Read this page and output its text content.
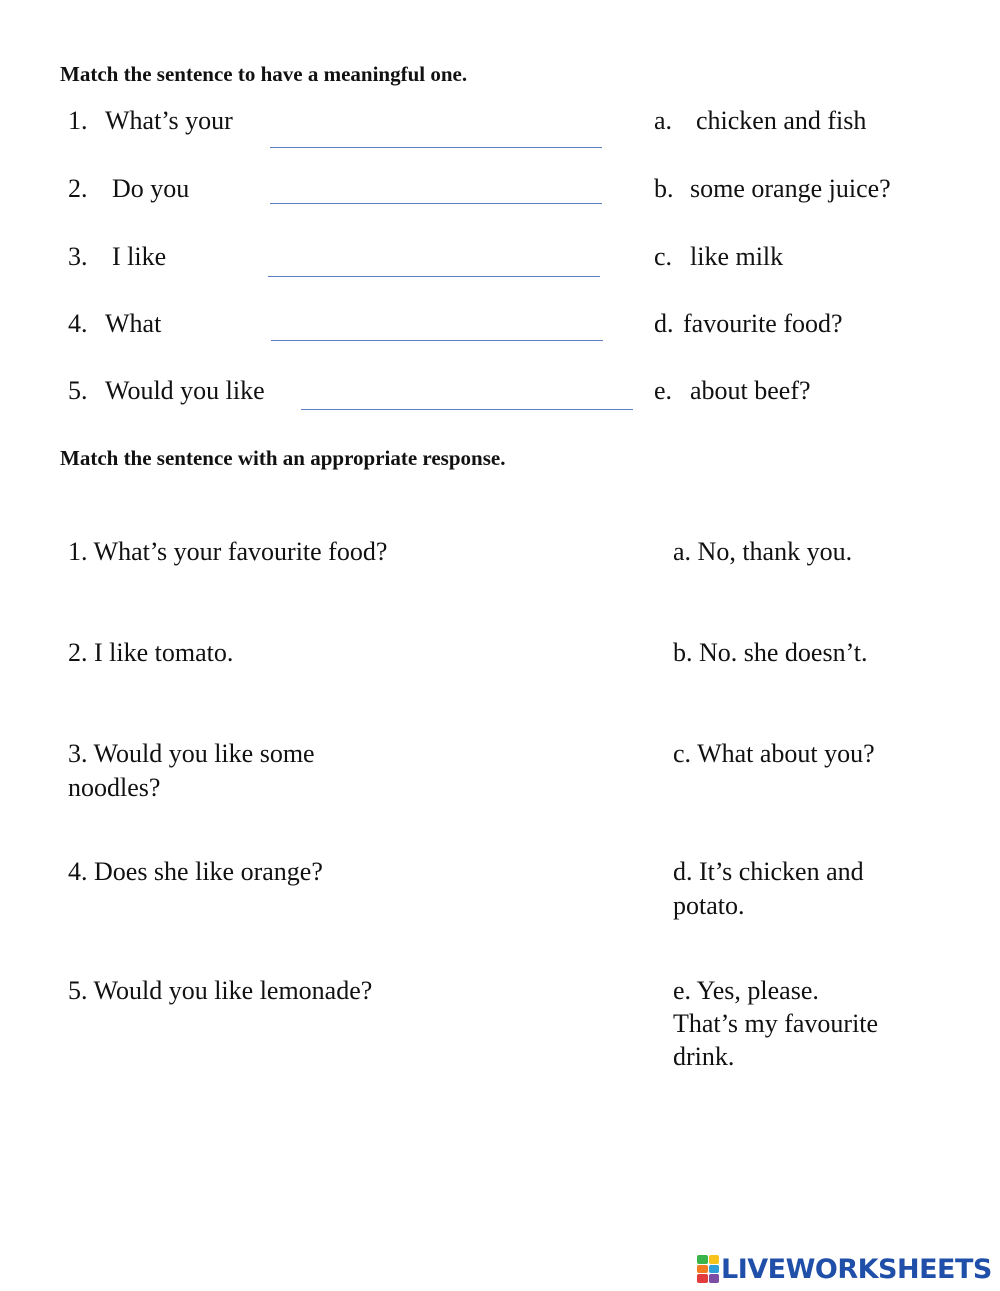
Match the sentence to have a meaningful one.
1. What’s your
2. Do you
3. I like
4. What
5. Would you like
a. chicken and fish
b. some orange juice?
c. like milk
d. favourite food?
e. about beef?
Match the sentence with an appropriate response.
1. What’s your favourite food?
2. I like tomato.
3. Would you like some
noodles?
4. Does she like orange?
5. Would you like lemonade?
a. No, thank you.
b. No. she doesn’t.
c. What about you?
d. It’s chicken and
potato.
e. Yes, please.
That’s my favourite
drink.
LIVEWORKSHEETS
